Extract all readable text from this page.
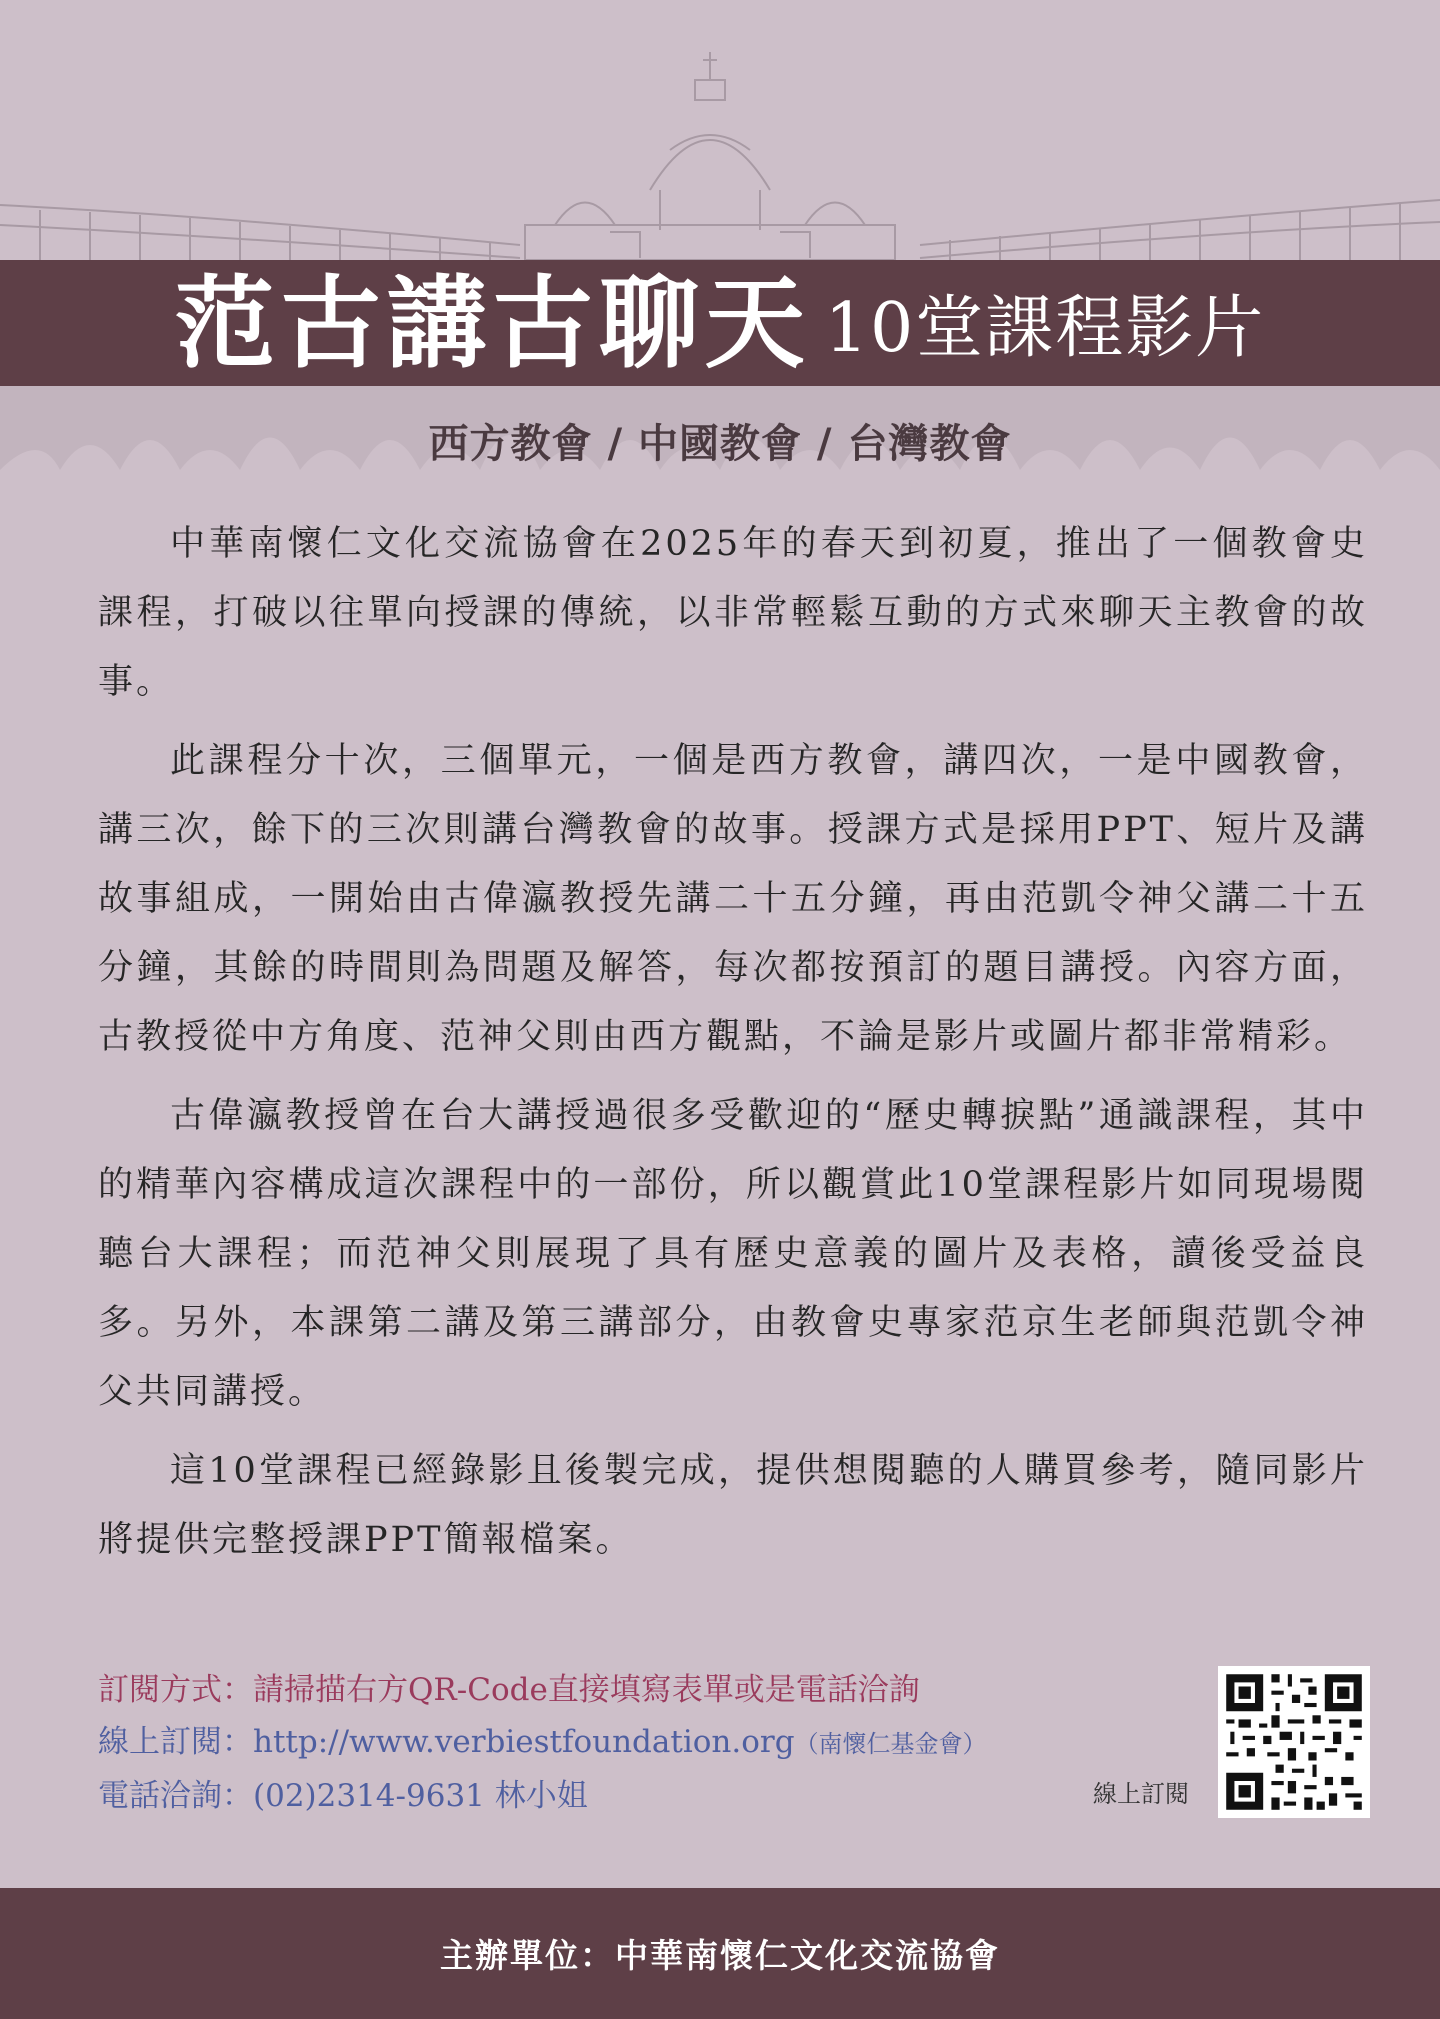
范古講古聊天 10堂課程影片
西方教會 / 中國教會 / 台灣教會

中華南懷仁文化交流協會在2025年的春天到初夏，推出了一個教會史課程，打破以往單向授課的傳統，以非常輕鬆互動的方式來聊天主教會的故事。

此課程分十次，三個單元，一個是西方教會，講四次，一是中國教會，講三次，餘下的三次則講台灣教會的故事。授課方式是採用PPT、短片及講故事組成，一開始由古偉瀛教授先講二十五分鐘，再由范凱令神父講二十五分鐘，其餘的時間則為問題及解答，每次都按預訂的題目講授。內容方面，古教授從中方角度、范神父則由西方觀點，不論是影片或圖片都非常精彩。

古偉瀛教授曾在台大講授過很多受歡迎的“歷史轉捩點”通識課程，其中的精華內容構成這次課程中的一部份，所以觀賞此10堂課程影片如同現場閱聽台大課程；而范神父則展現了具有歷史意義的圖片及表格，讀後受益良多。另外，本課第二講及第三講部分，由教會史專家范京生老師與范凱令神父共同講授。

這10堂課程已經錄影且後製完成，提供想閱聽的人購買參考，隨同影片將提供完整授課PPT簡報檔案。

訂閱方式：請掃描右方QR-Code直接填寫表單或是電話洽詢
線上訂閱：http://www.verbiestfoundation.org（南懷仁基金會）
電話洽詢：(02)2314-9631 林小姐	線上訂閱
主辦單位：中華南懷仁文化交流協會
